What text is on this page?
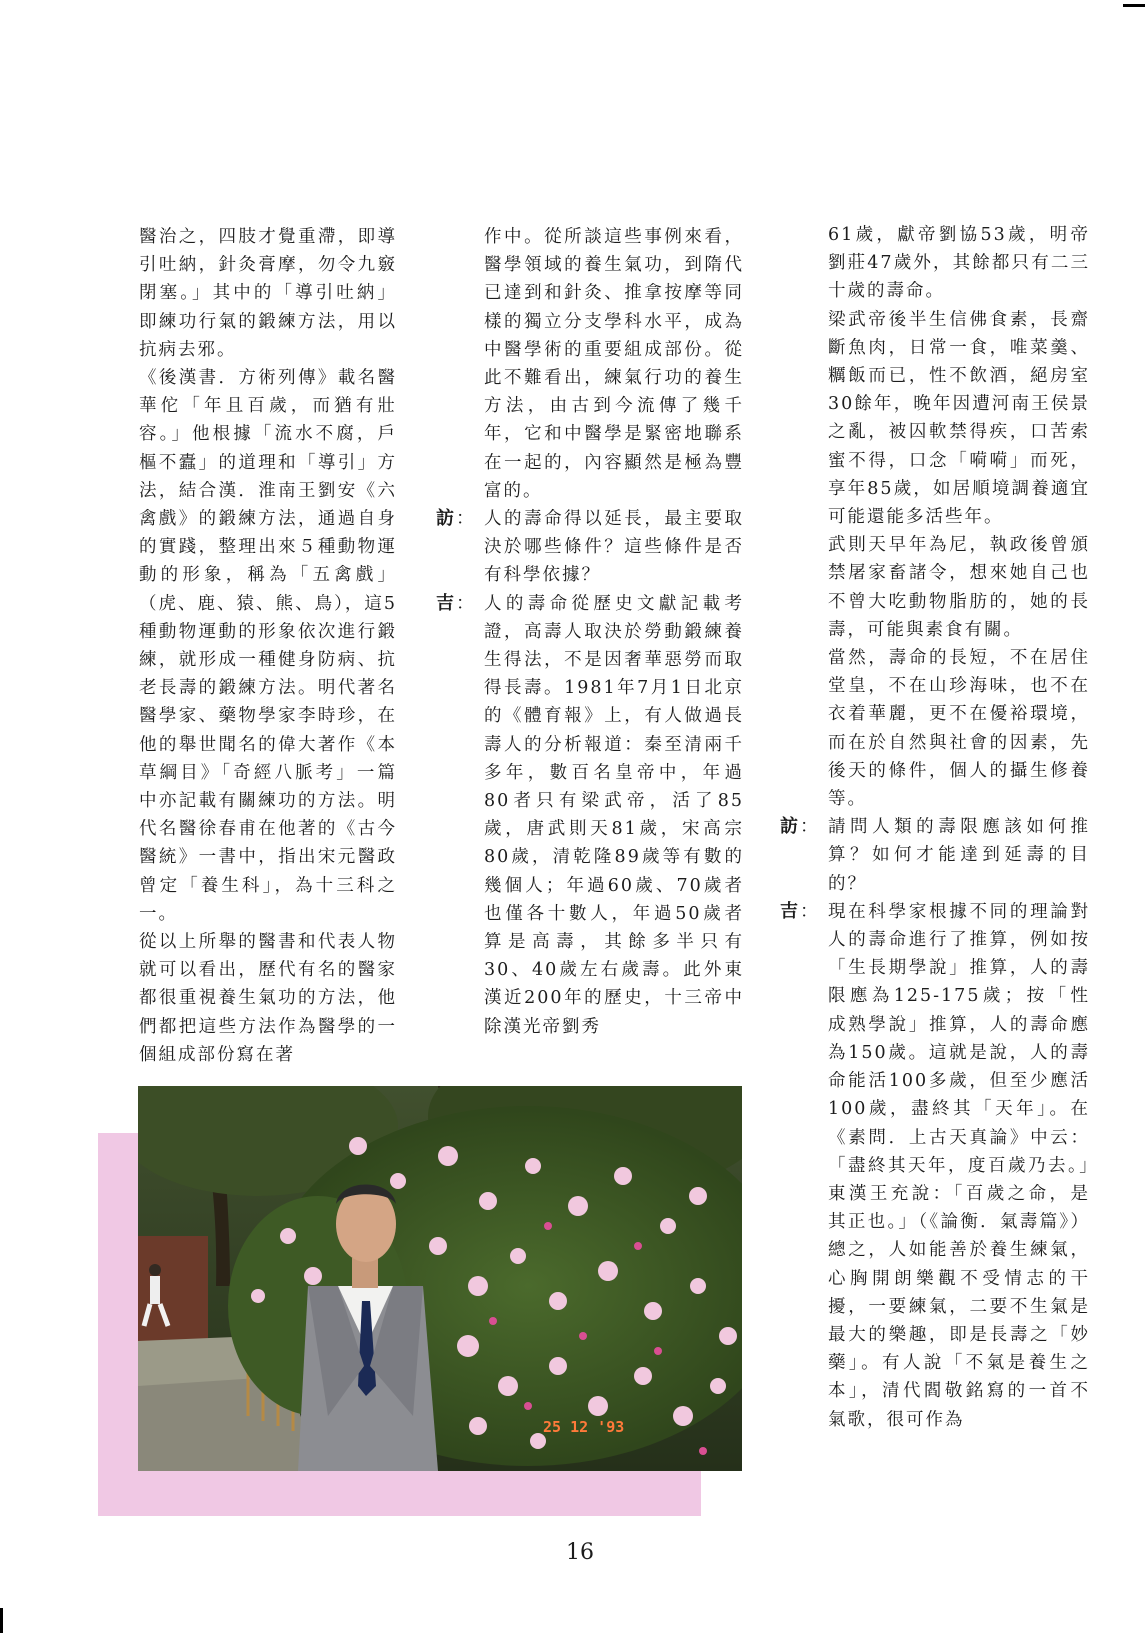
醫治之，四肢才覺重滯，即導引吐納，針灸膏摩，勿令九竅閉塞。」其中的「導引吐納」即練功行氣的鍛練方法，用以抗病去邪。

《後漢書．方術列傳》載名醫華佗「年且百歲，而猶有壯容。」他根據「流水不腐，戶樞不蠹」的道理和「導引」方法，結合漢．淮南王劉安《六禽戲》的鍛練方法，通過自身的實踐，整理出來５種動物運動的形象，稱為「五禽戲」（虎、鹿、猿、熊、鳥），這5種動物運動的形象依次進行鍛練，就形成一種健身防病、抗老長壽的鍛練方法。明代著名醫學家、藥物學家李時珍，在他的舉世聞名的偉大著作《本草綱目》「奇經八脈考」一篇中亦記載有關練功的方法。明代名醫徐春甫在他著的《古今醫統》一書中，指出宋元醫政曾定「養生科」，為十三科之一。

從以上所舉的醫書和代表人物就可以看出，歷代有名的醫家都很重視養生氣功的方法，他們都把這些方法作為醫學的一個組成部份寫在著

作中。從所談這些事例來看，醫學領域的養生氣功，到隋代已達到和針灸、推拿按摩等同樣的獨立分支學科水平，成為中醫學術的重要組成部份。從此不難看出，練氣行功的養生方法，由古到今流傳了幾千年，它和中醫學是緊密地聯系在一起的，內容顯然是極為豐富的。

訪 ：	人的壽命得以延長，最主要取決於哪些條件？這些條件是否有科學依據？

吉 ：	人的壽命從歷史文獻記載考證，高壽人取決於勞動鍛練養生得法，不是因奢華惡勞而取得長壽。1981年7月1日北京的《體育報》上，有人做過長壽人的分析報道：秦至清兩千多年，數百名皇帝中，年過80者只有梁武帝，活了85歲，唐武則天81歲，宋高宗80歲，清乾隆89歲等有數的幾個人；年過60歲、70歲者也僅各十數人，年過50歲者算是高壽，其餘多半只有30、40歲左右歲壽。此外東漢近200年的歷史，十三帝中除漢光帝劉秀

61歲，獻帝劉協53歲，明帝劉莊47歲外，其餘都只有二三十歲的壽命。

梁武帝後半生信佛食素，長齋斷魚肉，日常一食，唯菜羹、糲飯而已，性不飲酒，絕房室30餘年，晚年因遭河南王侯景之亂，被囚軟禁得疾，口苦索蜜不得，口念「嗬嗬」而死，享年85歲，如居順境調養適宜可能還能多活些年。

武則天早年為尼，執政後曾頒禁屠家畜諸令，想來她自己也不曾大吃動物脂肪的，她的長壽，可能與素食有關。

當然，壽命的長短，不在居住堂皇，不在山珍海味，也不在衣着華麗，更不在優裕環境，而在於自然與社會的因素，先後天的條件，個人的攝生修養等。

訪 ：	請問人類的壽限應該如何推算？如何才能達到延壽的目的？

吉 ：	現在科學家根據不同的理論對人的壽命進行了推算，例如按「生長期學說」推算，人的壽限應為125-175歲；按「性成熟學說」推算，人的壽命應為150歲。這就是說，人的壽命能活100多歲，但至少應活100歲，盡終其「天年」。在《素問．上古天真論》中云：「盡終其天年，度百歲乃去。」東漢王充說：「百歲之命，是其正也。」（《論衡．氣壽篇》）總之，人如能善於養生練氣，心胸開朗樂觀不受情志的干擾，一要練氣，二要不生氣是最大的樂趣，即是長壽之「妙藥」。有人說「不氣是養生之本」，清代閻敬銘寫的一首不氣歌，很可作為

25 12 '93
16
